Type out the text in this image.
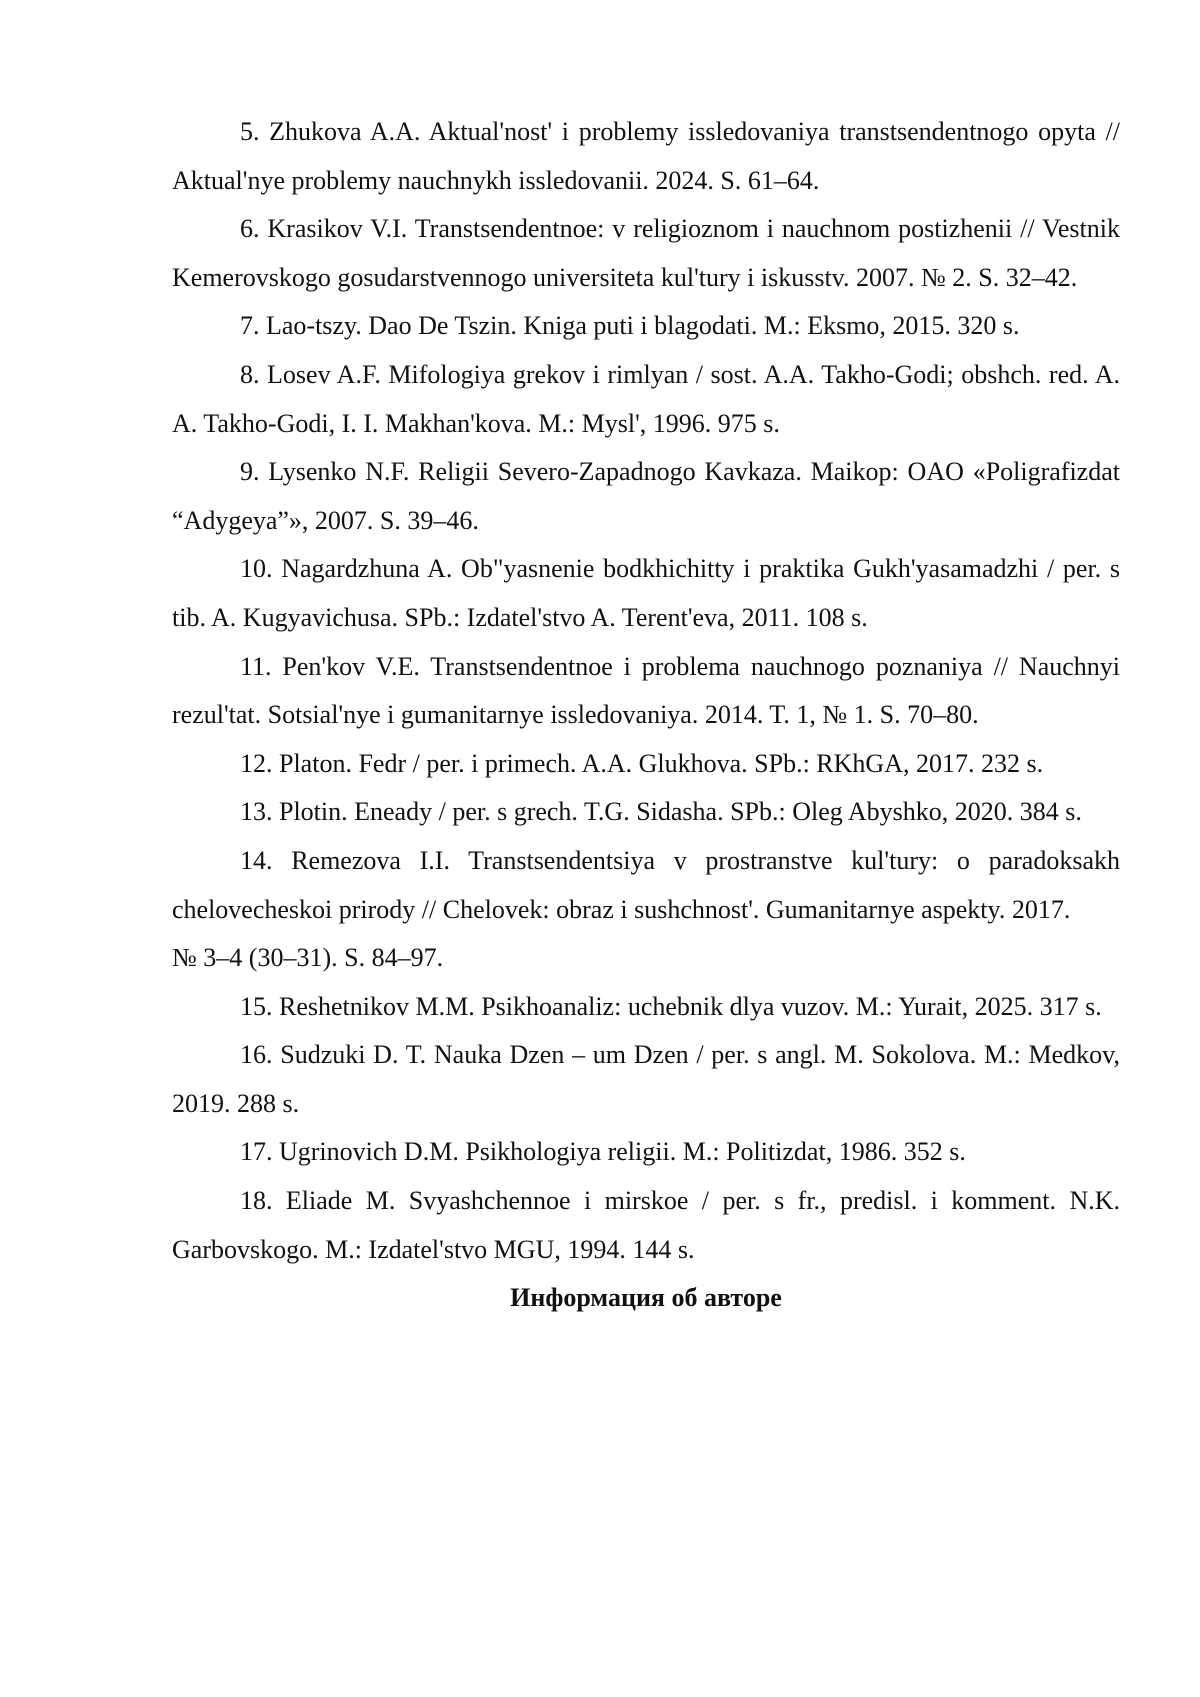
5. Zhukova A.A. Aktual'nost' i problemy issledovaniya transtsendentnogo opyta // Aktual'nye problemy nauchnykh issledovanii. 2024. S. 61–64.

6. Krasikov V.I. Transtsendentnoe: v religioznom i nauchnom postizhenii // Vestnik Kemerovskogo gosudarstvennogo universiteta kul'tury i iskusstv. 2007. № 2. S. 32–42.

7. Lao-tszy. Dao De Tszin. Kniga puti i blagodati. M.: Eksmo, 2015. 320 s.

8. Losev A.F. Mifologiya grekov i rimlyan / sost. A.A. Takho-Godi; obshch. red. A. A. Takho-Godi, I. I. Makhan'kova. M.: Mysl', 1996. 975 s.

9. Lysenko N.F. Religii Severo-Zapadnogo Kavkaza. Maikop: OAO «Poligrafizdat “Adygeya”», 2007. S. 39–46.

10. Nagardzhuna A. Ob"yasnenie bodkhichitty i praktika Gukh'yasamadzhi / per. s tib. A. Kugyavichusa. SPb.: Izdatel'stvo A. Terent'eva, 2011. 108 s.

11. Pen'kov V.E. Transtsendentnoe i problema nauchnogo poznaniya // Nauchnyi rezul'tat. Sotsial'nye i gumanitarnye issledovaniya. 2014. T. 1, № 1. S. 70–80.

12. Platon. Fedr / per. i primech. A.A. Glukhova. SPb.: RKhGA, 2017. 232 s.

13. Plotin. Eneady / per. s grech. T.G. Sidasha. SPb.: Oleg Abyshko, 2020. 384 s.

14. Remezova I.I. Transtsendentsiya v prostranstve kul'tury: o paradoksakh chelovecheskoi prirody // Chelovek: obraz i sushchnost'. Gumanitarnye aspekty. 2017.

№ 3–4 (30–31). S. 84–97.

15. Reshetnikov M.M. Psikhoanaliz: uchebnik dlya vuzov. M.: Yurait, 2025. 317 s.

16. Sudzuki D. T. Nauka Dzen – um Dzen / per. s angl. M. Sokolova. M.: Medkov, 2019. 288 s.

17. Ugrinovich D.M. Psikhologiya religii. M.: Politizdat, 1986. 352 s.

18. Eliade M. Svyashchennoe i mirskoe / per. s fr., predisl. i komment. N.K. Garbovskogo. M.: Izdatel'stvo MGU, 1994. 144 s.

Информация об авторе
